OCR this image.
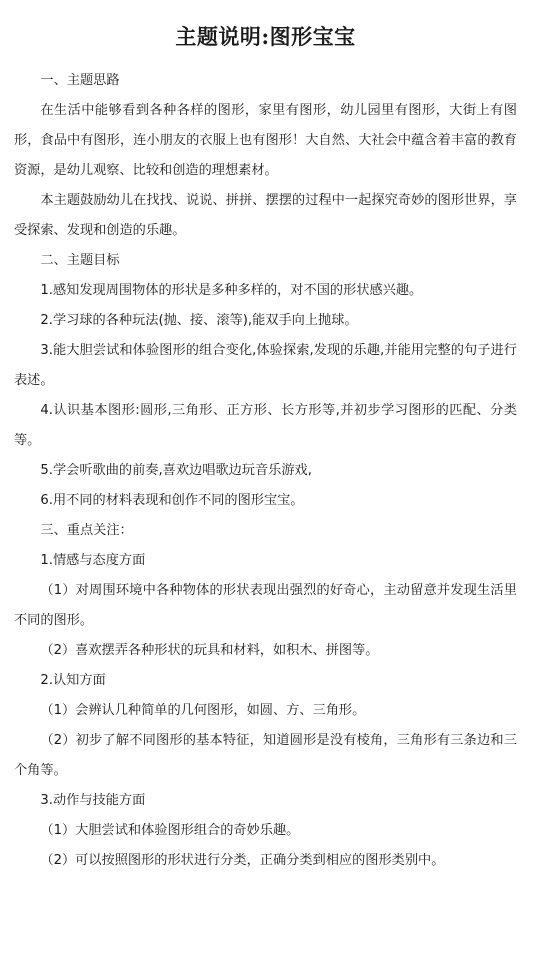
主题说明:图形宝宝

一、主题思路

在生活中能够看到各种各样的图形，家里有图形，幼儿园里有图形，大街上有图形，食品中有图形，连小朋友的衣服上也有图形！大自然、大社会中蕴含着丰富的教育资源，是幼儿观察、比较和创造的理想素材。

本主题鼓励幼儿在找找、说说、拼拼、摆摆的过程中一起探究奇妙的图形世界，享受探索、发现和创造的乐趣。

二、主题目标

1.感知发现周围物体的形状是多种多样的，对不国的形状感兴趣。

2.学习球的各种玩法(抛、接、滚等),能双手向上抛球。

3.能大胆尝试和体验图形的组合变化,体验探索,发现的乐趣,并能用完整的句子进行表述。

4.认识基本图形:圆形,三角形、正方形、长方形等,并初步学习图形的匹配、分类等。

5.学会听歌曲的前奏,喜欢边唱歌边玩音乐游戏,

6.用不同的材料表现和创作不同的图形宝宝。

三、重点关注：

1.情感与态度方面

（1）对周围环境中各种物体的形状表现出强烈的好奇心，主动留意并发现生活里不同的图形。

（2）喜欢摆弄各种形状的玩具和材料，如积木、拼图等。

2.认知方面

（1）会辨认几种简单的几何图形，如圆、方、三角形。

（2）初步了解不同图形的基本特征，知道圆形是没有棱角，三角形有三条边和三个角等。

3.动作与技能方面

（1）大胆尝试和体验图形组合的奇妙乐趣。

（2）可以按照图形的形状进行分类，正确分类到相应的图形类别中。
